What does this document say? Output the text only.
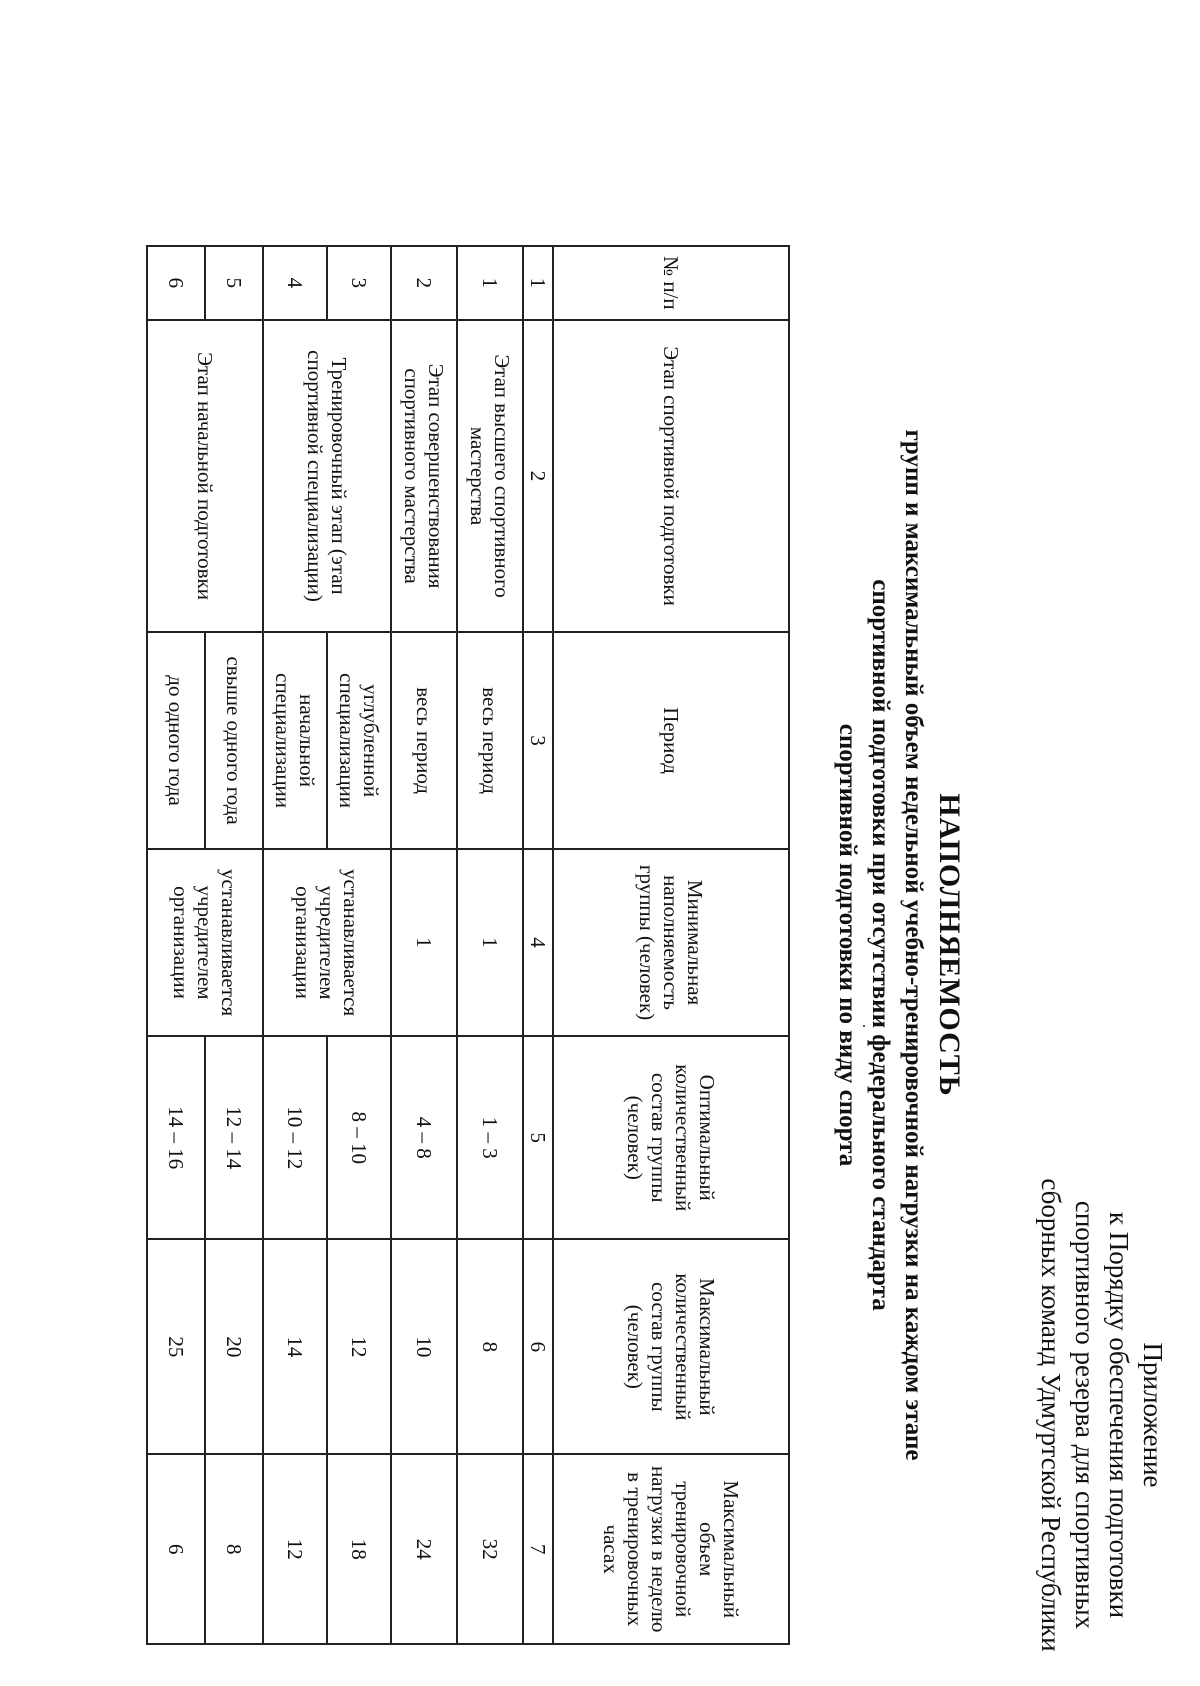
Приложение
к Порядку обеспечения подготовки
спортивного резерва для спортивных
сборных команд Удмуртской Республики
НАПОЛНЯЕМОСТЬ
групп и максимальный объем недельной учебно-тренировочной нагрузки на каждом этапе
спортивной подготовки при отсутствии федерального стандарта
спортивной подготовки по виду спорта
№ п/п	Этап спортивной подготовки	Период	Минимальная наполняемость группы (человек)	Оптимальный количественный состав группы (человек)	Максимальный количественный состав группы (человек)	Максимальный объем тренировочной нагрузки в неделю в тренировочных часах
1	2	3	4	5	6	7
1	Этап высшего спортивного мастерства	весь период	1	1 – 3	8	32
2	Этап совершенствования спортивного мастерства	весь период	1	4 – 8	10	24
3	Тренировочный этап (этап спортивной специализации)	углубленной специализации	устанавливается учредителем организации	8 – 10	12	18
4		начальной специализации		10 – 12	14	12
5	Этап начальной подготовки	свыше одного года	устанавливается учредителем организации	12 – 14	20	8
6		до одного года		14 – 16	25	6
